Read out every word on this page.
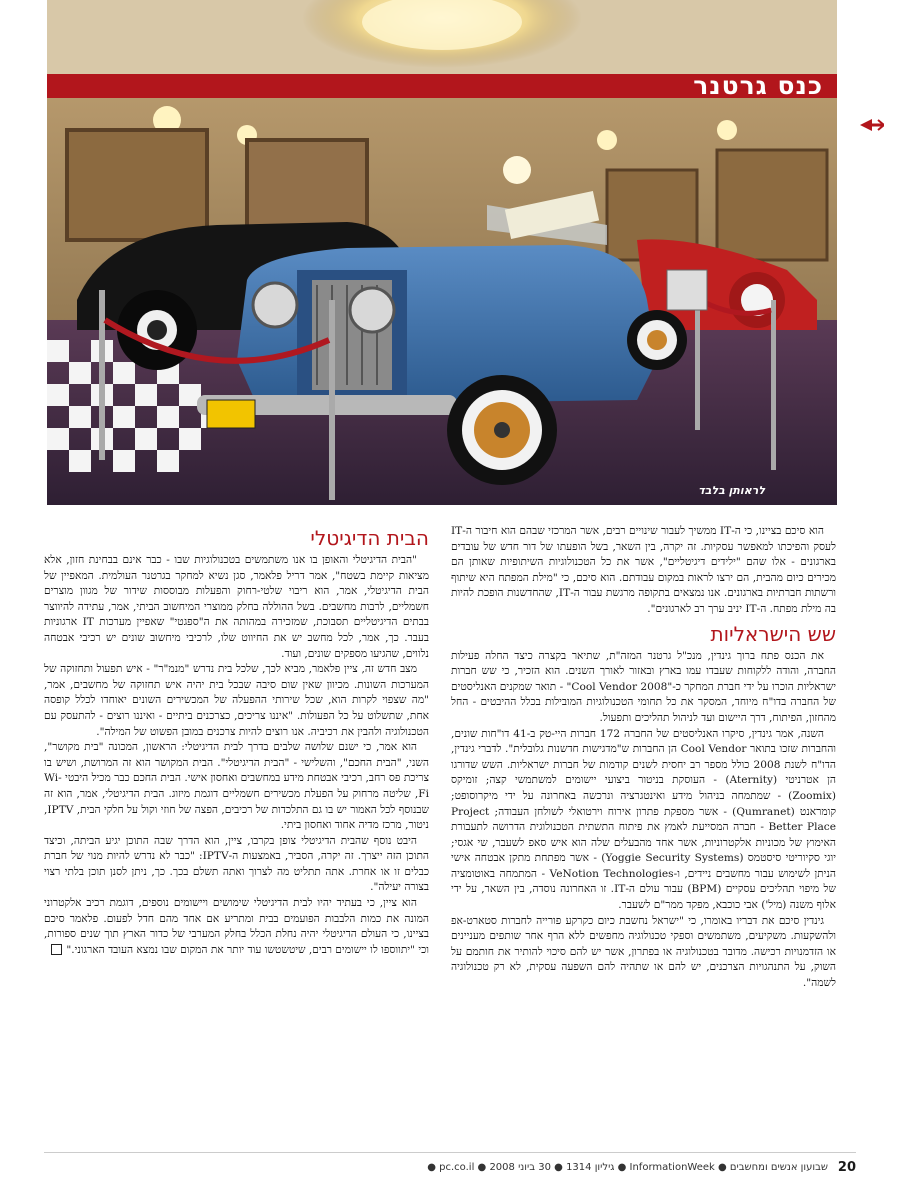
לראותן בלבד
כנס גרטנר

הוא סיכם בציינו, כי ה-IT ממשיך לעבור שינויים רבים, אשר המרכזי שבהם הוא חיבור ה-IT לעסק והפיכתו למאפשר עסקיות. זה יקרה, בין השאר, בשל הופעתו של דור חדש של עובדים בארגונים - אלו שהם "ילידים דיגיטליים", אשר את כל הטכנולוגיות השיתופיות שאותן הם מכירים כיום מהבית, הם ירצו לראות במקום עבודתם. הוא סיכם, כי "מילת המפתח היא שיתוף ורשתות חברתיות בארגונים. אנו נמצאים בתקופה מרגשת עבור ה-IT, שהחדשנות הופכת להיות בה מילת מפתח. ה-IT יניב ערך רב לארגונים".

שש הישראליות

את הכנס פתח ברוך גינדין, מנכ"ל גרטנר המזה"ת, שתיאר בקצרה כיצד החלה פעילות החברה, והודה ללקוחות שעבדו עמו בארץ ובאזור לאורך השנים. הוא הזכיר, כי שש חברות ישראליות הוכרו על ידי חברת המחקר כ-"Cool Vendor 2008" - תואר שמקנים האנליסטים של החברה בדו"ח מיוחד, המסקר את כל תחומי הטכנולוגיות המובילות בכלל ההיבטים - החל מהחזון, הפיתוח, דרך היישום ועד לניהול תהליכים ותפעול.

השנה, אמר גינדין, סיקרו האנליסטים של החברה 172 חברות היי-טק ב-41 דו"חות שונים, והחברות שזכו בתואר Cool Vendor הן החברות ש"מדגישות חדשנות גלובלית". לדברי גינדין, הדו"ח לשנת 2008 כולל מספר רב יחסית לשנים קודמות של חברות ישראליות. השש שדורגו הן אטרניטי (Aternity) - העוסקת בניטור ביצועי יישומים למשתמשי קצה; זומיקס (Zoomix) - שמתמחה בניהול מידע ואינטגרציה ונרכשה באחרונה על ידי מיקרוסופט; קומראנט (Qumranet) - אשר מספקת פתרון אירוח וירטואלי לשולחן העבודה; Project Better Place - חברה המסייעת לאמץ את פיתוח התשתית הטכנולוגית הדרושה לתעבורת האימוץ של מכוניות אלקטרוניות, אשר אחד מהבעלים שלה הוא איש סאפ לשעבר, שי אגסי; יוגי סקיוריטי סיסטמס (Yoggie Security Systems) - אשר מפתחת מתקן אבטחה אישי הניתן לשימוש עבור מחשבים ניידים, ו-VeNotion Technologies - המתמחה באוטומציה של מיפוי תהליכים עסקיים (BPM) עבור עולם ה-IT. זו האחרונה נוסדה, בין השאר, על ידי אלוף משנה (מיל') אבי כוכבא, מפקד ממר"ם לשעבר.

גינדין סיכם את דבריו באומרו, כי "ישראל נחשבת כיום כקרקע פורייה לחברות סטארט-אפ ולהשקעות. משקיעים, משתמשים וספקי טכנולוגיה מחפשים ללא הרף אחר שותפים מעניינים או הזדמנויות רכישה. מדובר בטכנולוגיה או בפתרון, אשר יש להם סיכוי להותיר את חותמם על השוק, על התנהגויות הצרכנים, יש להם או שתהיה להם השפעה עסקית, לא רק טכנולוגיה לשמה".

הבית הדיגיטלי

"הבית הדיגיטלי והאופן בו אנו משתמשים בטכנולוגיות שבו - כבר אינם בבחינת חזון, אלא מציאות קיימת בשטח", אמר דריל פלאמר, סגן נשיא למחקר בגרטנר העולמית. המאפיין של הבית הדיגיטלי, אמר, הוא ריבוי שלטי-רחוק והפעלות מבוססות שידור של מגוון מוצרים חשמליים, לרבות מחשבים. בשל ההוללה בחלק ממוצרי המיחשוב הביתי, אמר, עתידה להיווצר בבתים הדיגיטליים תסבוכת, שמזכירה במהותה את ה"ספגטי" שאפיין מערכות IT ארגוניות בעבר. כך, אמר, לכל מחשב יש את החיווט שלו, לרכיבי מיחשוב שונים יש רכיבי אבטחה נלווים, שהגיעו מספקים שונים, ועוד.

מצב חדש זה, ציין פלאמר, מביא לכך, שלכל בית נדרש "מנמ"ר" - איש תפעול ותחזוקה של המערכות השונות. מכיוון שאין שום סיבה שבכל בית יהיה איש תחזוקה של מחשבים, אמר, "מה שצפוי לקרות הוא, שכל שירותי ההפעלה של המכשירים השונים יאוחדו לכלל קופסה אחת, שתשלוט על כל הפעולות. "איננו צריכים, כצרכנים ביתיים - ואיננו רוצים - להתעסק עם הטכנולוגיה ולהבין את רכיביה. אנו רוצים להיות צרכנים במובן הפשוט של המילה".

הוא אמר, כי ישנם שלושה שלבים בדרך לבית הדיגיטלי: הראשון, המכונה "בית מקושר", השני, "הבית החכם", והשלישי - "הבית הדיגיטלי". הבית המקושר הוא זה המרושת, ושיש בו צריכת פס רחב, רכיבי אבטחת מידע במחשבים ואחסון אישי. הבית החכם כבר מכיל היבטי Wi-Fi, שליטה מרחוק על הפעלת מכשירים חשמליים דוגמת מיזוג. הבית הדיגיטלי, אמר, הוא זה שבנוסף לכל האמור יש בו גם התלכדות של רכיבים, הפצה של חוזי וקול על חלקי הבית, IPTV, ניטור, מרכז מדיה אחוד ואחסון ביתי.

היבט נוסף שהבית הדיגיטלי צופן בקרבו, ציין, הוא הדרך שבה התוכן יגיע הביתה, וכיצד התוכן הזה ייצרך. זה יקרה, הסביר, באמצעות ה-IPTV: "כבר לא נדרש להיות מנוי של חברת כבלים זו או אחרת. אתה תתליט מה לצרוך ואתה תשלם בכך. כך, ניתן לסנן תוכן בלתי רצוי בצורה יעילה".

הוא ציין, כי בעתיד יהיו לבית הדיגיטלי שימושים ויישומים נוספים, דוגמת רכיב אלקטרוני המונה את כמות הלבבות הפועמים בבית ומתריע אם אחד מהם חדל לפעום. פלאמר סיכם בציינו, כי העולם הדיגיטלי יהיה נחלת הכלל בחלק המערבי של כדור הארץ תוך שנים ספורות, וכי "יתווספו לו יישומים רבים, שיטשטשו עוד יותר את המקום שבו נמצא העובד הארגוני."

20
שבועון אנשים ומחשבים ● InformationWeek ● גיליון 1314 ● 30 ביוני 2008 ● pc.co.il ●
